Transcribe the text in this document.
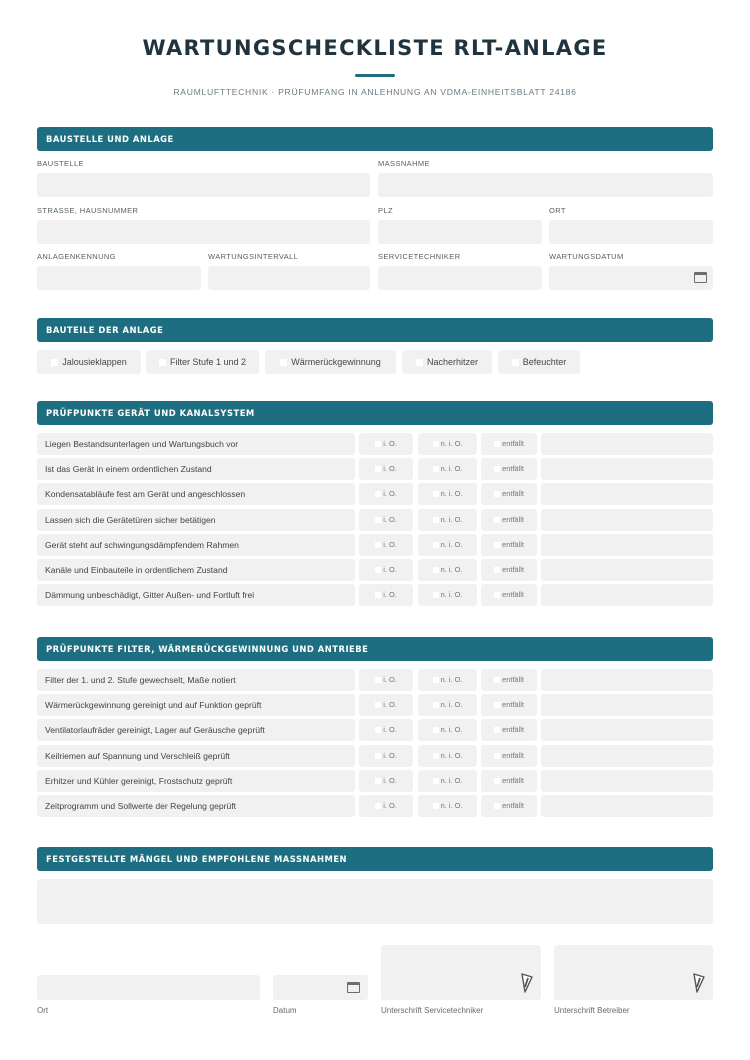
WARTUNGSCHECKLISTE RLT-ANLAGE
RAUMLUFTTECHNIK · PRÜFUMFANG IN ANLEHNUNG AN VDMA-EINHEITSBLATT 24186
BAUSTELLE UND ANLAGE
BAUSTELLE	MASSNAHME
STRASSE, HAUSNUMMER	PLZ	ORT
ANLAGENKENNUNG	WARTUNGSINTERVALL	SERVICETECHNIKER	WARTUNGSDATUM
BAUTEILE DER ANLAGE
Jalousieklappen	Filter Stufe 1 und 2	Wärmerückgewinnung	Nacherhitzer	Befeuchter
PRÜFPUNKTE GERÄT UND KANALSYSTEM
Liegen Bestandsunterlagen und Wartungsbuch vor	i. O.	n. i. O.	entfällt
Ist das Gerät in einem ordentlichen Zustand	i. O.	n. i. O.	entfällt
Kondensatabläufe fest am Gerät und angeschlossen	i. O.	n. i. O.	entfällt
Lassen sich die Gerätetüren sicher betätigen	i. O.	n. i. O.	entfällt
Gerät steht auf schwingungsdämpfendem Rahmen	i. O.	n. i. O.	entfällt
Kanäle und Einbauteile in ordentlichem Zustand	i. O.	n. i. O.	entfällt
Dämmung unbeschädigt, Gitter Außen- und Fortluft frei	i. O.	n. i. O.	entfällt
PRÜFPUNKTE FILTER, WÄRMERÜCKGEWINNUNG UND ANTRIEBE
Filter der 1. und 2. Stufe gewechselt, Maße notiert	i. O.	n. i. O.	entfällt
Wärmerückgewinnung gereinigt und auf Funktion geprüft	i. O.	n. i. O.	entfällt
Ventilatorlaufräder gereinigt, Lager auf Geräusche geprüft	i. O.	n. i. O.	entfällt
Keilriemen auf Spannung und Verschleiß geprüft	i. O.	n. i. O.	entfällt
Erhitzer und Kühler gereinigt, Frostschutz geprüft	i. O.	n. i. O.	entfällt
Zeitprogramm und Sollwerte der Regelung geprüft	i. O.	n. i. O.	entfällt
FESTGESTELLTE MÄNGEL UND EMPFOHLENE MASSNAHMEN
Ort	Datum	Unterschrift Servicetechniker	Unterschrift Betreiber
